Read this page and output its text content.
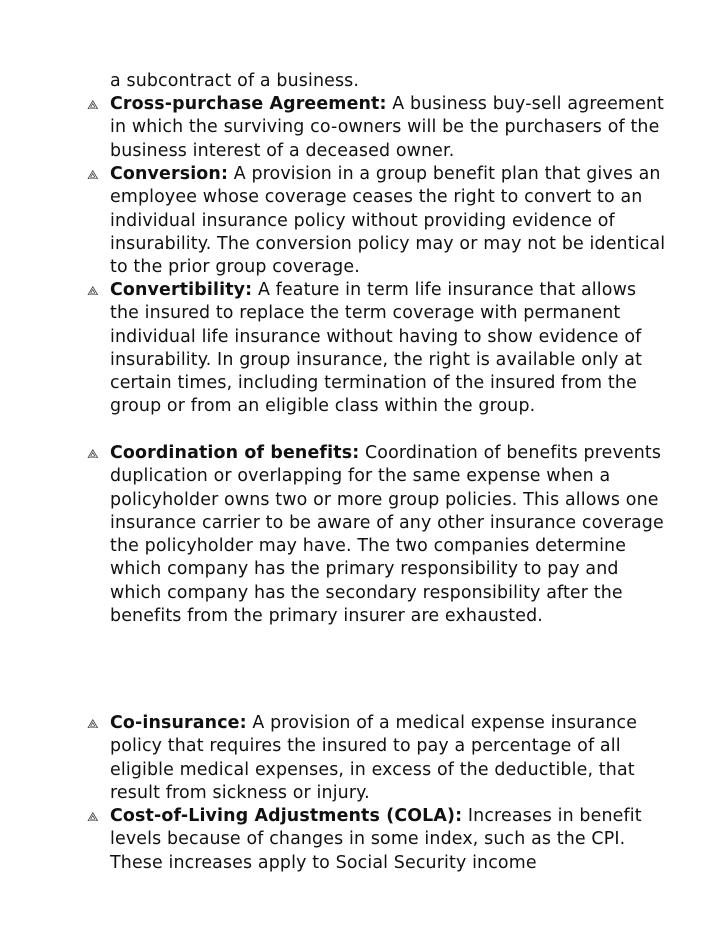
a subcontract of a business.

⟁ Cross-purchase Agreement: A business buy-sell agreement in which the surviving co-owners will be the purchasers of the business interest of a deceased owner.

⟁ Conversion: A provision in a group benefit plan that gives an employee whose coverage ceases the right to convert to an individual insurance policy without providing evidence of insurability. The conversion policy may or may not be identical to the prior group coverage.

⟁ Convertibility: A feature in term life insurance that allows the insured to replace the term coverage with permanent individual life insurance without having to show evidence of insurability. In group insurance, the right is available only at certain times, including termination of the insured from the group or from an eligible class within the group.

⟁ Coordination of benefits: Coordination of benefits prevents duplication or overlapping for the same expense when a policyholder owns two or more group policies. This allows one insurance carrier to be aware of any other insurance coverage the policyholder may have. The two companies determine which company has the primary responsibility to pay and which company has the secondary responsibility after the benefits from the primary insurer are exhausted.

⟁ Co-insurance: A provision of a medical expense insurance policy that requires the insured to pay a percentage of all eligible medical expenses, in excess of the deductible, that result from sickness or injury.

⟁ Cost-of-Living Adjustments (COLA): Increases in benefit levels because of changes in some index, such as the CPI. These increases apply to Social Security income
